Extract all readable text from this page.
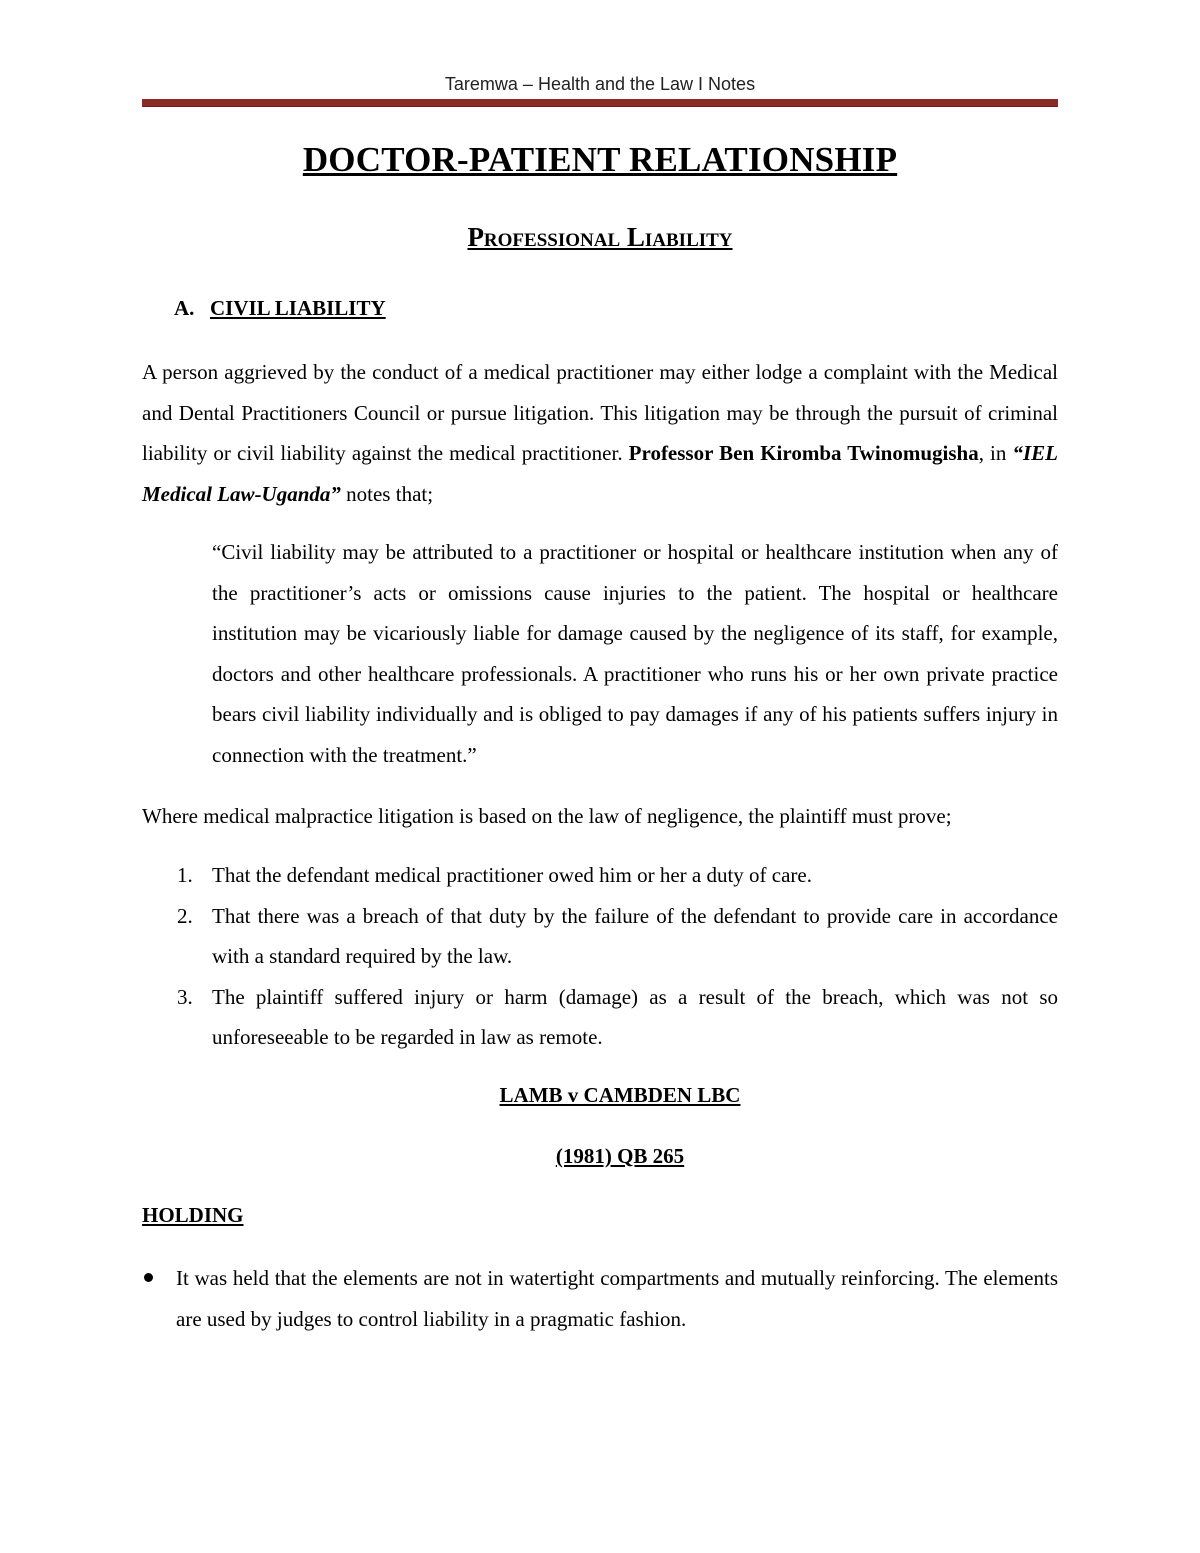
Taremwa – Health and the Law I Notes
DOCTOR-PATIENT RELATIONSHIP
Professional Liability
A. CIVIL LIABILITY
A person aggrieved by the conduct of a medical practitioner may either lodge a complaint with the Medical and Dental Practitioners Council or pursue litigation. This litigation may be through the pursuit of criminal liability or civil liability against the medical practitioner. Professor Ben Kiromba Twinomugisha, in “IEL Medical Law-Uganda” notes that;
“Civil liability may be attributed to a practitioner or hospital or healthcare institution when any of the practitioner’s acts or omissions cause injuries to the patient. The hospital or healthcare institution may be vicariously liable for damage caused by the negligence of its staff, for example, doctors and other healthcare professionals. A practitioner who runs his or her own private practice bears civil liability individually and is obliged to pay damages if any of his patients suffers injury in connection with the treatment.”
Where medical malpractice litigation is based on the law of negligence, the plaintiff must prove;
1. That the defendant medical practitioner owed him or her a duty of care.
2. That there was a breach of that duty by the failure of the defendant to provide care in accordance with a standard required by the law.
3. The plaintiff suffered injury or harm (damage) as a result of the breach, which was not so unforeseeable to be regarded in law as remote.
LAMB v CAMBDEN LBC
(1981) QB 265
HOLDING
It was held that the elements are not in watertight compartments and mutually reinforcing. The elements are used by judges to control liability in a pragmatic fashion.
